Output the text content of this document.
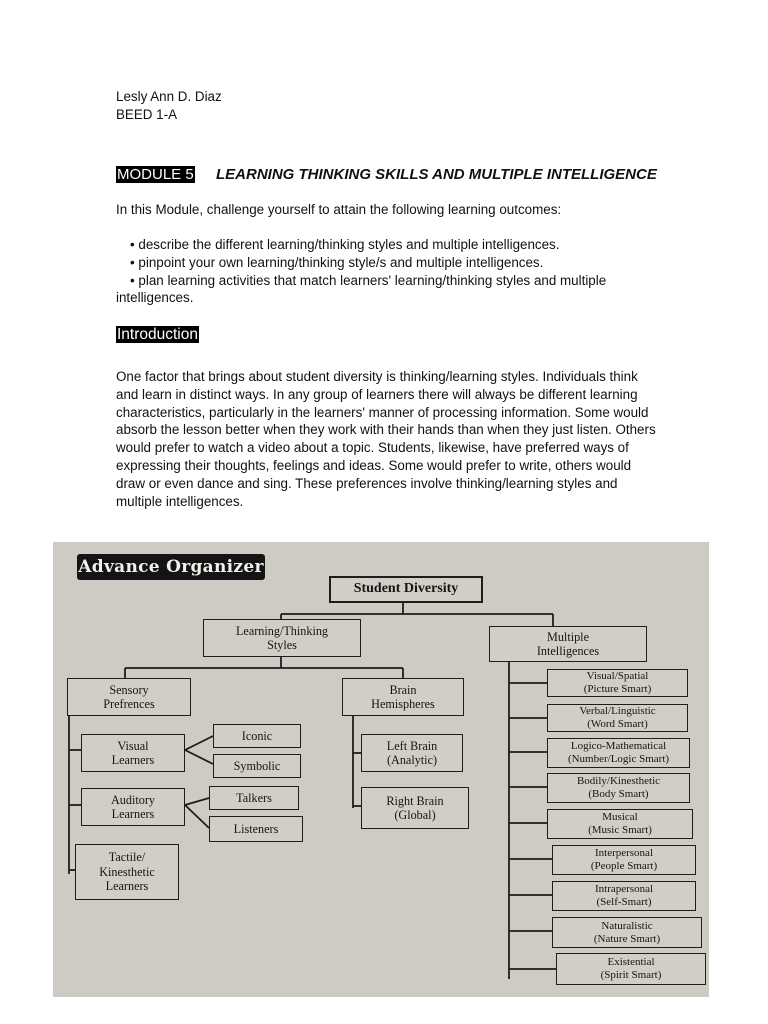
Lesly Ann D. Diaz
BEED 1-A
MODULE 5 LEARNING THINKING SKILLS AND MULTIPLE INTELLIGENCE
In this Module, challenge yourself to attain the following learning outcomes:
• describe the different learning/thinking styles and multiple intelligences.
• pinpoint your own learning/thinking style/s and multiple intelligences.
• plan learning activities that match learners' learning/thinking styles and multiple intelligences.
Introduction
One factor that brings about student diversity is thinking/learning styles. Individuals think and learn in distinct ways. In any group of learners there will always be different learning characteristics, particularly in the learners' manner of processing information. Some would absorb the lesson better when they work with their hands than when they just listen. Others would prefer to watch a video about a topic. Students, likewise, have preferred ways of expressing their thoughts, feelings and ideas. Some would prefer to write, others would draw or even dance and sing. These preferences involve thinking/learning styles and multiple intelligences.
Advance Organizer
Student Diversity
Learning/Thinking
Styles
Sensory
Prefrences
Visual
Learners
Iconic
Symbolic
Auditory
Learners
Talkers
Listeners
Tactile/
Kinesthetic
Learners
Brain
Hemispheres
Left Brain
(Analytic)
Right Brain
(Global)
Multiple
Intelligences
Visual/Spatial
(Picture Smart)
Verbal/Linguistic
(Word Smart)
Logico-Mathematical
(Number/Logic Smart)
Bodily/Kinesthetic
(Body Smart)
Musical
(Music Smart)
Interpersonal
(People Smart)
Intrapersonal
(Self-Smart)
Naturalistic
(Nature Smart)
Existential
(Spirit Smart)
